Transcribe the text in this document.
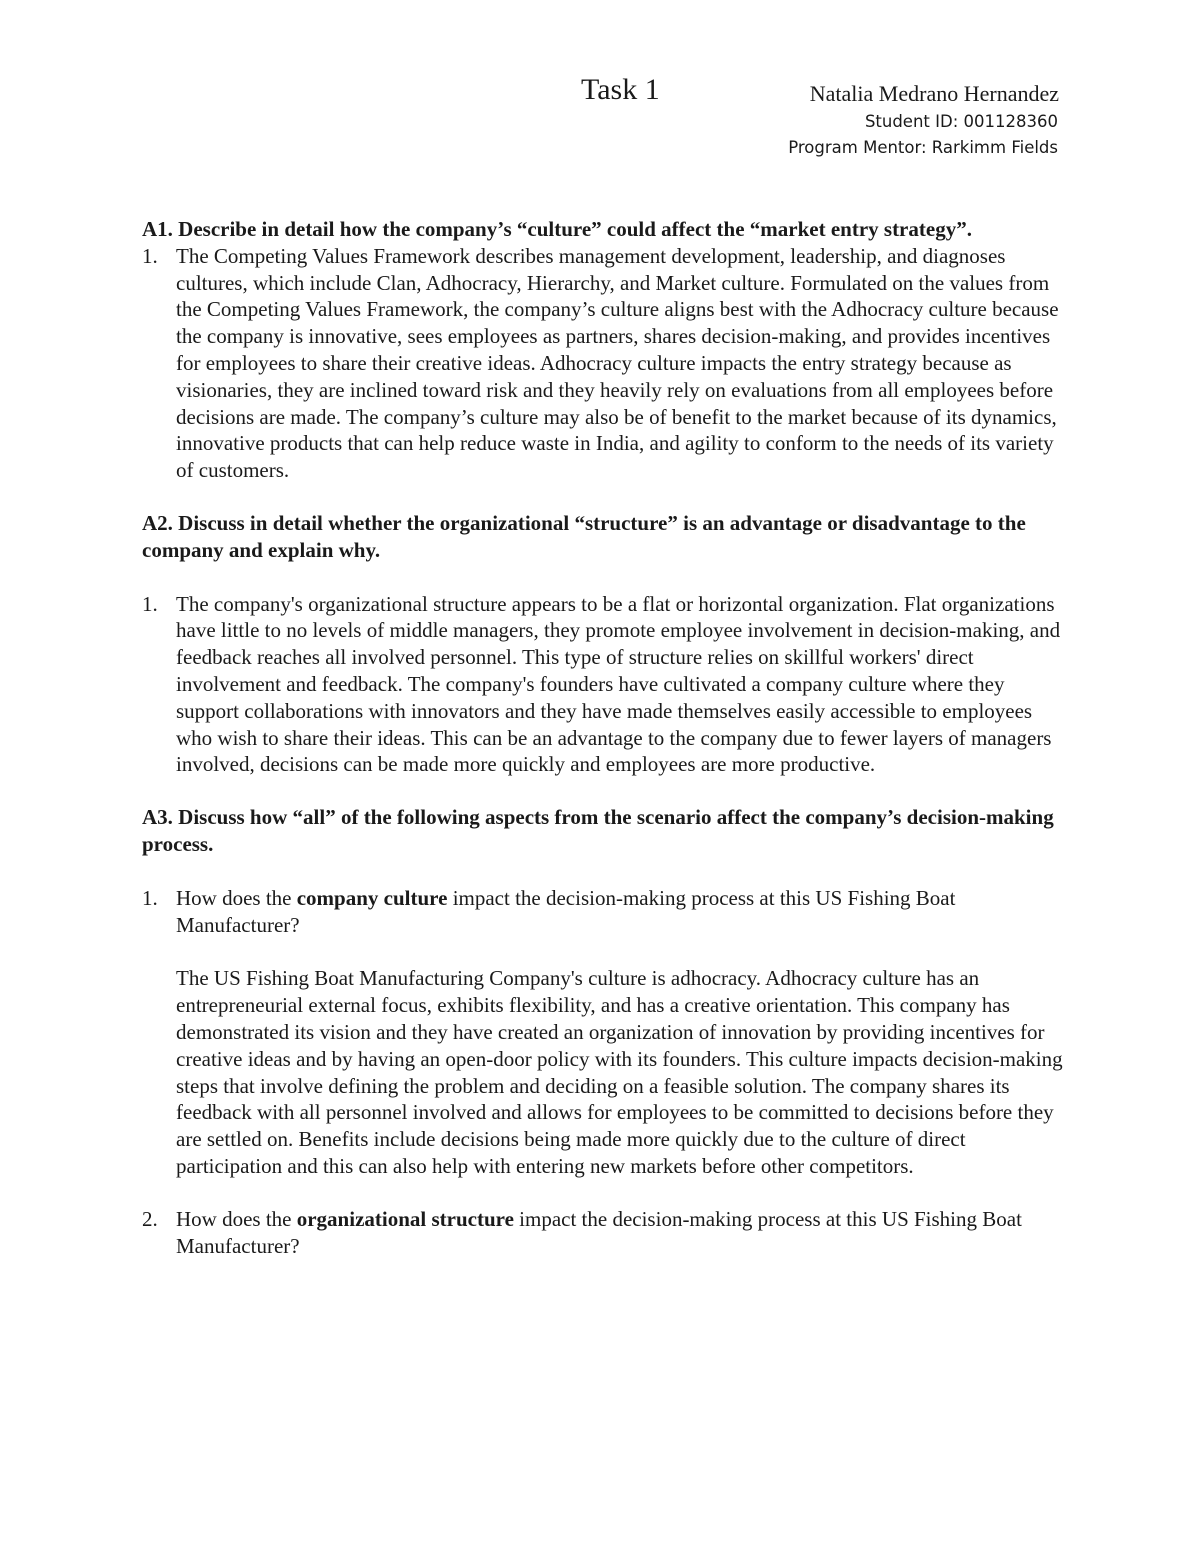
Task 1	Natalia Medrano Hernandez
Student ID: 001128360
Program Mentor: Rarkimm Fields

A1. Describe in detail how the company’s “culture” could affect the “market entry strategy”.

1. The Competing Values Framework describes management development, leadership, and diagnoses cultures, which include Clan, Adhocracy, Hierarchy, and Market culture. Formulated on the values from the Competing Values Framework, the company’s culture aligns best with the Adhocracy culture because the company is innovative, sees employees as partners, shares decision-making, and provides incentives for employees to share their creative ideas. Adhocracy culture impacts the entry strategy because as visionaries, they are inclined toward risk and they heavily rely on evaluations from all employees before decisions are made. The company’s culture may also be of benefit to the market because of its dynamics, innovative products that can help reduce waste in India, and agility to conform to the needs of its variety of customers.

A2. Discuss in detail whether the organizational “structure” is an advantage or disadvantage to the company and explain why.

1. The company's organizational structure appears to be a flat or horizontal organization. Flat organizations have little to no levels of middle managers, they promote employee involvement in decision-making, and feedback reaches all involved personnel. This type of structure relies on skillful workers' direct involvement and feedback. The company's founders have cultivated a company culture where they support collaborations with innovators and they have made themselves easily accessible to employees who wish to share their ideas. This can be an advantage to the company due to fewer layers of managers involved, decisions can be made more quickly and employees are more productive.

A3. Discuss how “all” of the following aspects from the scenario affect the company’s decision-making process.

1. How does the company culture impact the decision-making process at this US Fishing Boat Manufacturer?

The US Fishing Boat Manufacturing Company's culture is adhocracy. Adhocracy culture has an entrepreneurial external focus, exhibits flexibility, and has a creative orientation. This company has demonstrated its vision and they have created an organization of innovation by providing incentives for creative ideas and by having an open-door policy with its founders. This culture impacts decision-making steps that involve defining the problem and deciding on a feasible solution. The company shares its feedback with all personnel involved and allows for employees to be committed to decisions before they are settled on. Benefits include decisions being made more quickly due to the culture of direct participation and this can also help with entering new markets before other competitors.

2. How does the organizational structure impact the decision-making process at this US Fishing Boat Manufacturer?
